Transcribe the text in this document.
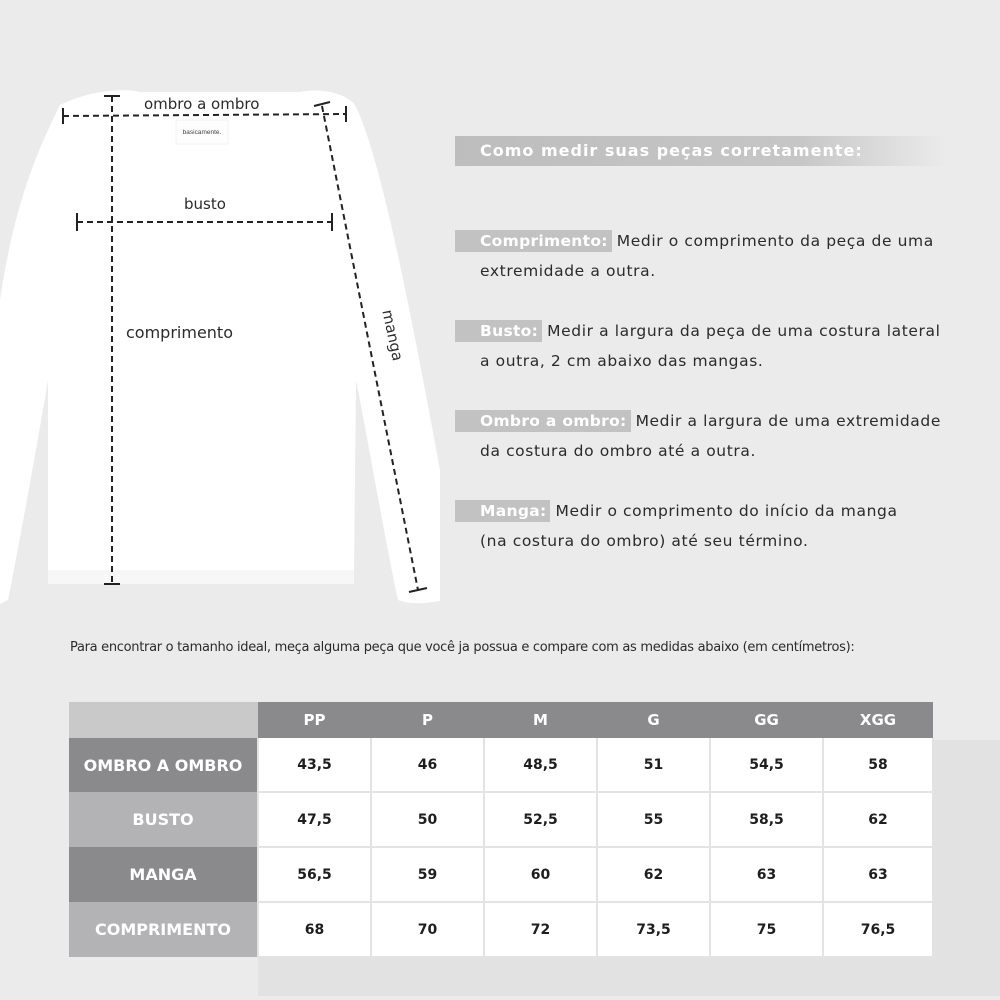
basicamente.
ombro a ombro
busto
comprimento	manga
Como medir suas peças corretamente:
Comprimento: Medir o comprimento da peça de uma
extremidade a outra.
Busto: Medir a largura da peça de uma costura lateral
a outra, 2 cm abaixo das mangas.
Ombro a ombro: Medir a largura de uma extremidade
da costura do ombro até a outra.
Manga: Medir o comprimento do início da manga
(na costura do ombro) até seu término.
Para encontrar o tamanho ideal, meça alguma peça que você ja possua e compare com as medidas abaixo (em centímetros):
	PP	P	M	G	GG	XGG
OMBRO A OMBRO	43,5	46	48,5	51	54,5	58
BUSTO	47,5	50	52,5	55	58,5	62
MANGA	56,5	59	60	62	63	63
COMPRIMENTO	68	70	72	73,5	75	76,5
